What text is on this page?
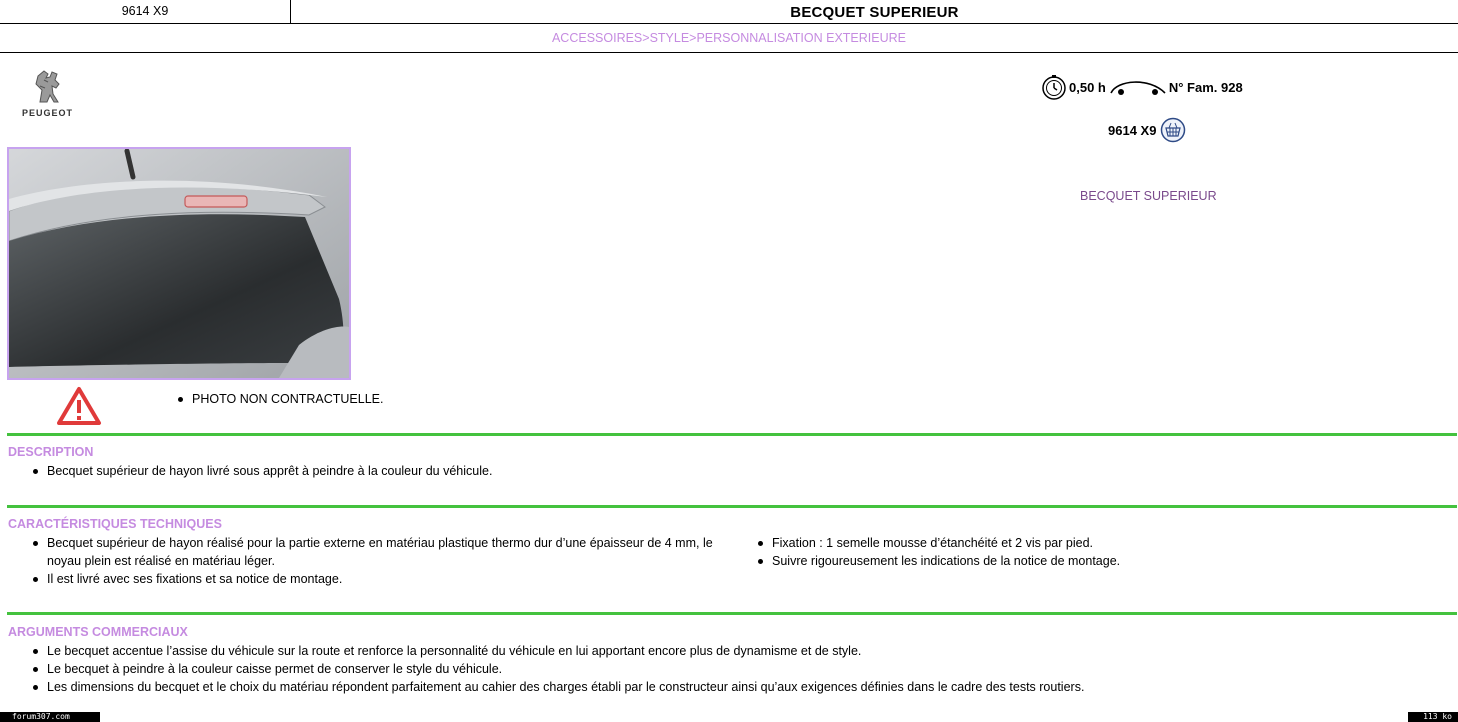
9614 X9	BECQUET SUPERIEUR
ACCESSOIRES>STYLE>PERSONNALISATION EXTERIEURE
PEUGEOT
0,50 h	N° Fam. 928
9614 X9
BECQUET SUPERIEUR
PHOTO NON CONTRACTUELLE.
DESCRIPTION
Becquet supérieur de hayon livré sous apprêt à peindre à la couleur du véhicule.
CARACTÉRISTIQUES TECHNIQUES
Becquet supérieur de hayon réalisé pour la partie externe en matériau plastique thermo dur d’une épaisseur de 4 mm, le noyau plein est réalisé en matériau léger.
Il est livré avec ses fixations et sa notice de montage.
Fixation : 1 semelle mousse d’étanchéité et 2 vis par pied.
Suivre rigoureusement les indications de la notice de montage.
ARGUMENTS COMMERCIAUX
Le becquet accentue l’assise du véhicule sur la route et renforce la personnalité du véhicule en lui apportant encore plus de dynamisme et de style.
Le becquet à peindre à la couleur caisse permet de conserver le style du véhicule.
Les dimensions du becquet et le choix du matériau répondent parfaitement au cahier des charges établi par le constructeur ainsi qu’aux exigences définies dans le cadre des tests routiers.
forum307.com	113 ko
